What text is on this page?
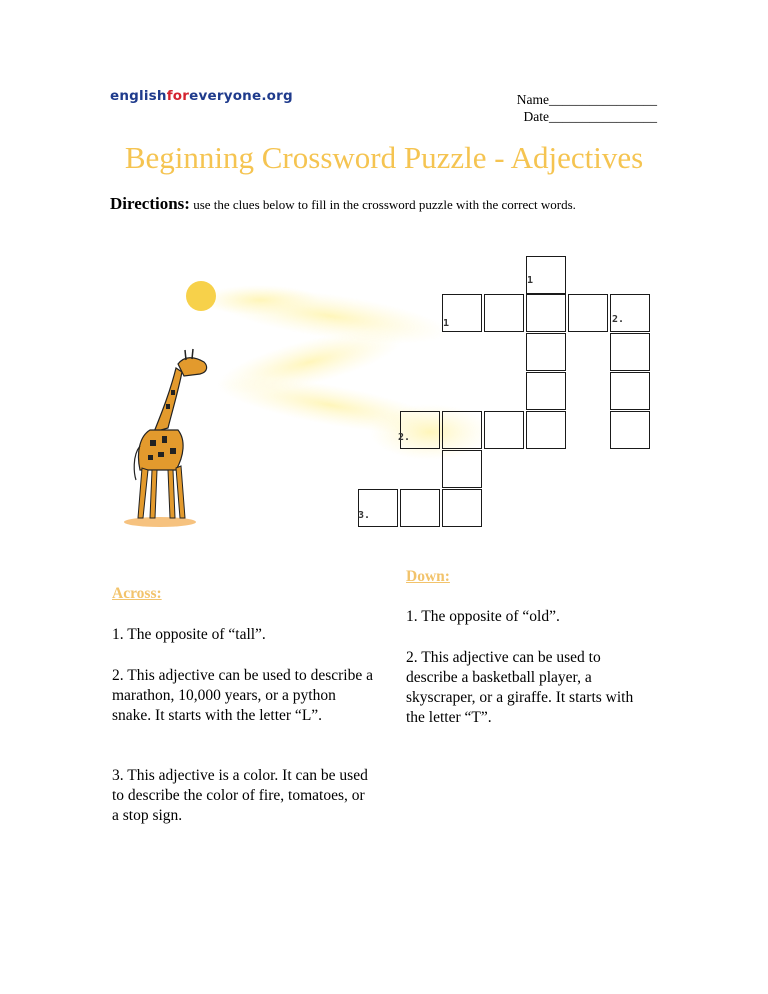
englishforeveryone.org	Name________________
Date________________
Beginning Crossword Puzzle - Adjectives
Directions: use the clues below to fill in the crossword puzzle with the correct words.
1
1	2.
2.
3.
Across:
1. The opposite of “tall”.
2. This adjective can be used to describe a marathon, 10,000 years, or a python snake. It starts with the letter “L”.
3. This adjective is a color. It can be used to describe the color of fire, tomatoes, or a stop sign.
Down:
1. The opposite of “old”.
2. This adjective can be used to describe a basketball player, a skyscraper, or a giraffe. It starts with the letter “T”.
